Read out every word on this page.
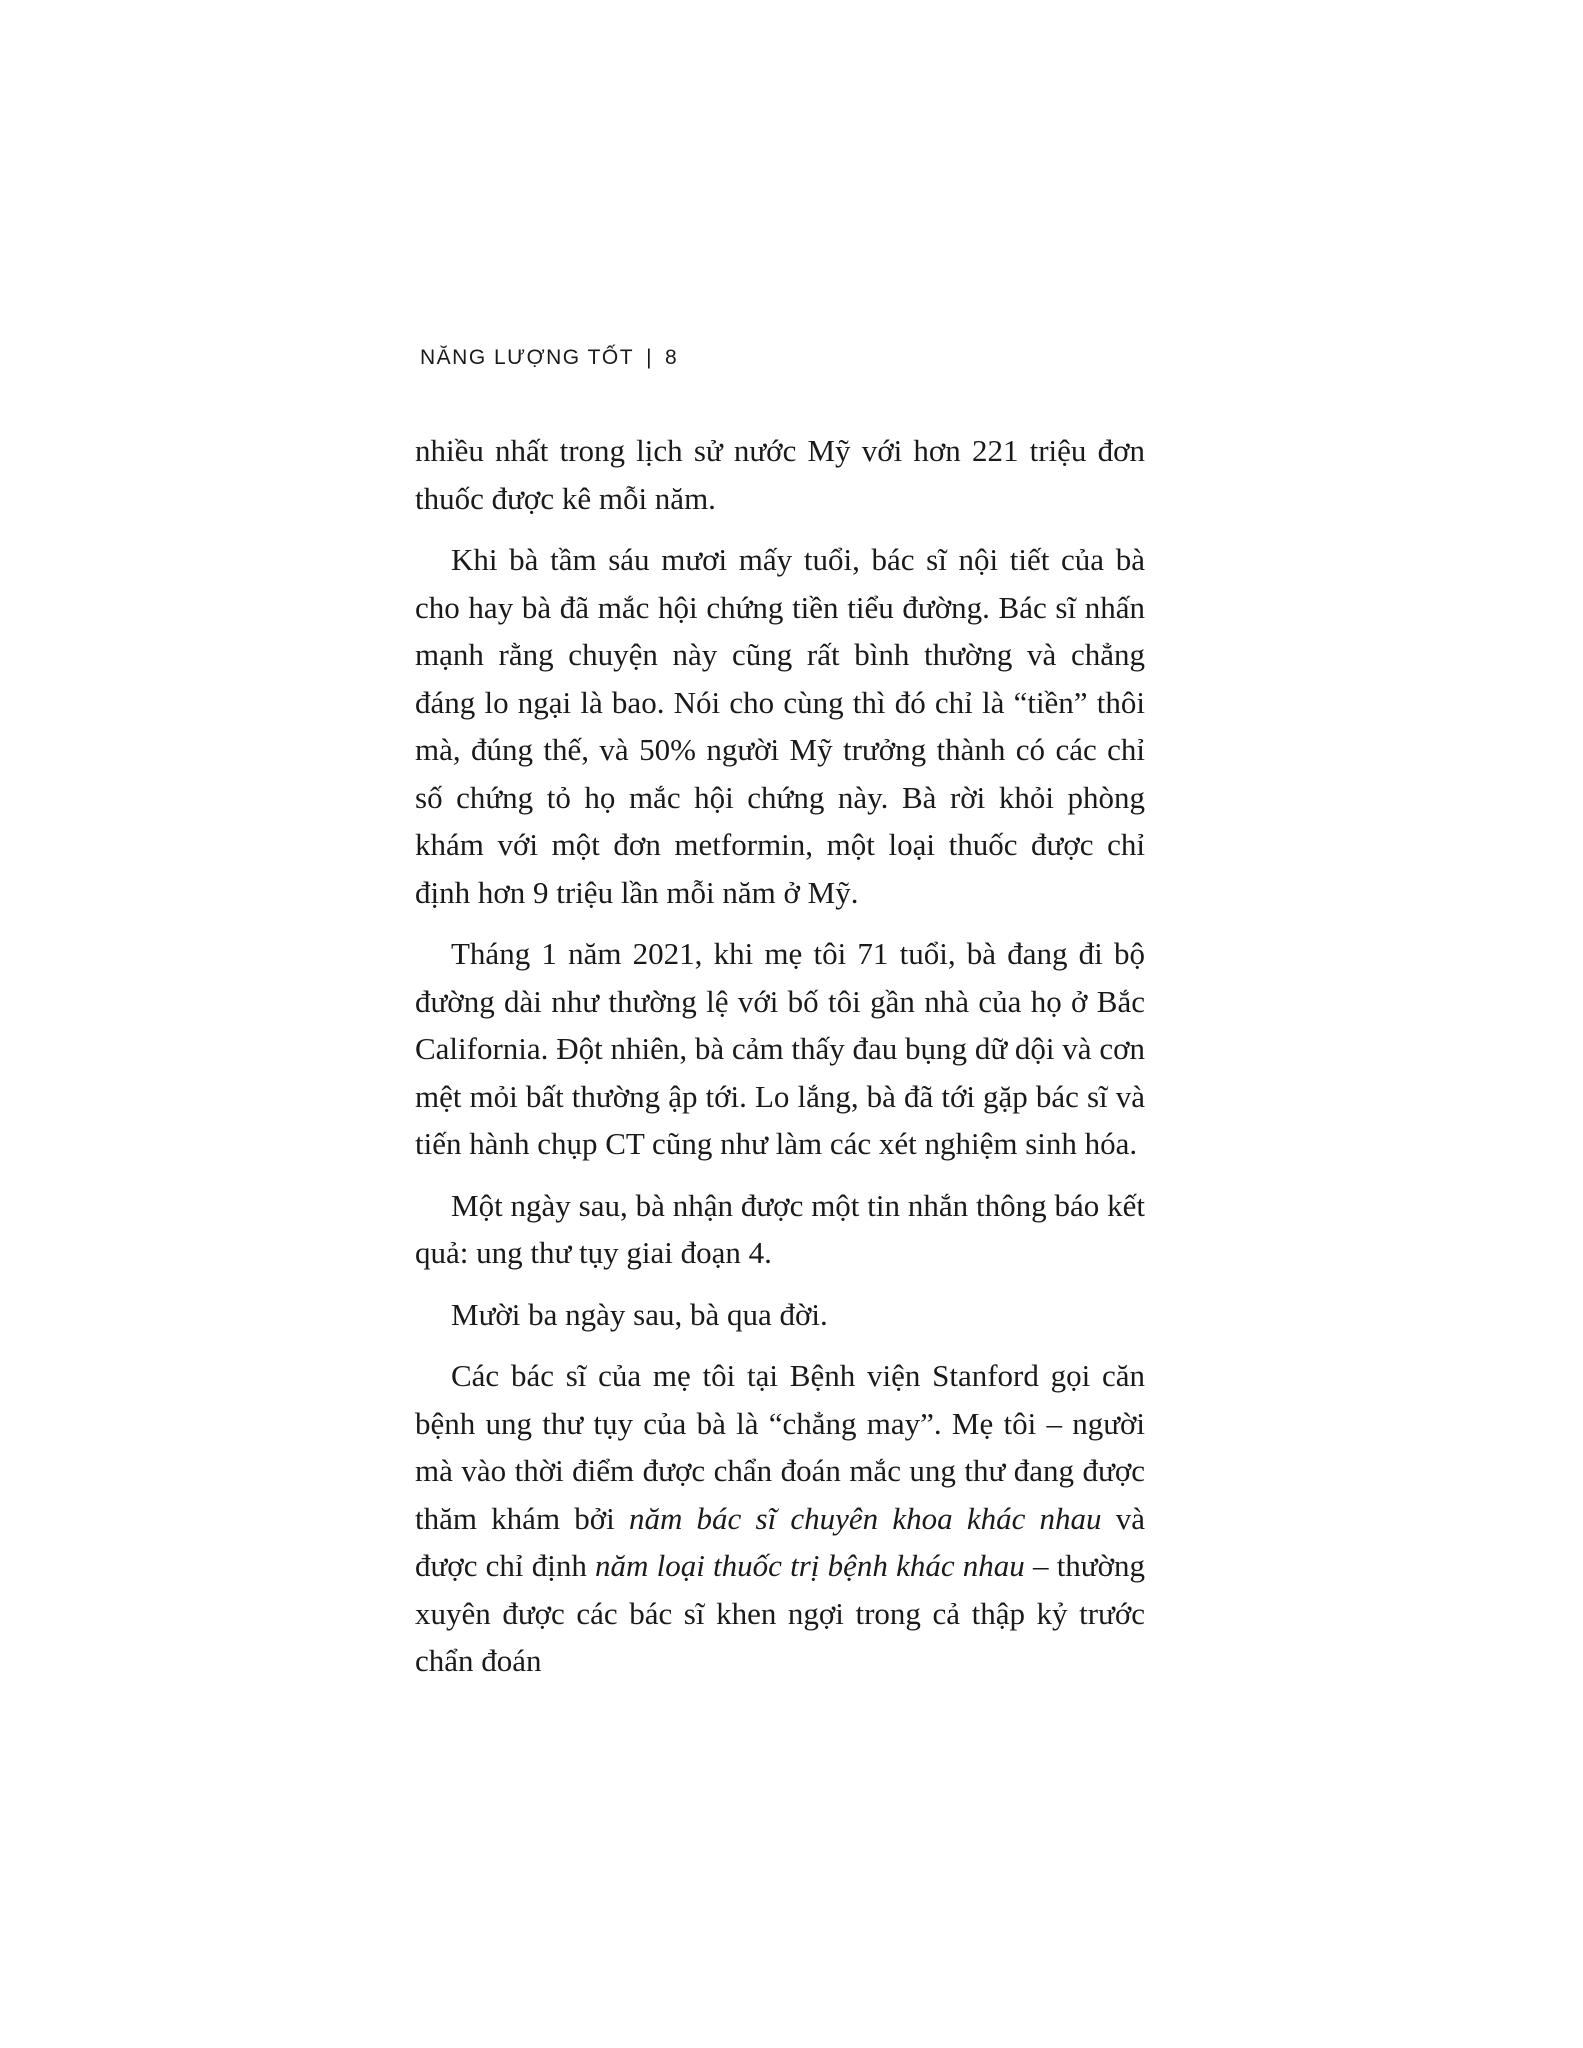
NĂNG LƯỢNG TỐT | 8

nhiều nhất trong lịch sử nước Mỹ với hơn 221 triệu đơn thuốc được kê mỗi năm.

Khi bà tầm sáu mươi mấy tuổi, bác sĩ nội tiết của bà cho hay bà đã mắc hội chứng tiền tiểu đường. Bác sĩ nhấn mạnh rằng chuyện này cũng rất bình thường và chẳng đáng lo ngại là bao. Nói cho cùng thì đó chỉ là “tiền” thôi mà, đúng thế, và 50% người Mỹ trưởng thành có các chỉ số chứng tỏ họ mắc hội chứng này. Bà rời khỏi phòng khám với một đơn metformin, một loại thuốc được chỉ định hơn 9 triệu lần mỗi năm ở Mỹ.

Tháng 1 năm 2021, khi mẹ tôi 71 tuổi, bà đang đi bộ đường dài như thường lệ với bố tôi gần nhà của họ ở Bắc California. Đột nhiên, bà cảm thấy đau bụng dữ dội và cơn mệt mỏi bất thường ập tới. Lo lắng, bà đã tới gặp bác sĩ và tiến hành chụp CT cũng như làm các xét nghiệm sinh hóa.

Một ngày sau, bà nhận được một tin nhắn thông báo kết quả: ung thư tụy giai đoạn 4.

Mười ba ngày sau, bà qua đời.

Các bác sĩ của mẹ tôi tại Bệnh viện Stanford gọi căn bệnh ung thư tụy của bà là “chẳng may”. Mẹ tôi – người mà vào thời điểm được chẩn đoán mắc ung thư đang được thăm khám bởi năm bác sĩ chuyên khoa khác nhau và được chỉ định năm loại thuốc trị bệnh khác nhau – thường xuyên được các bác sĩ khen ngợi trong cả thập kỷ trước chẩn đoán
